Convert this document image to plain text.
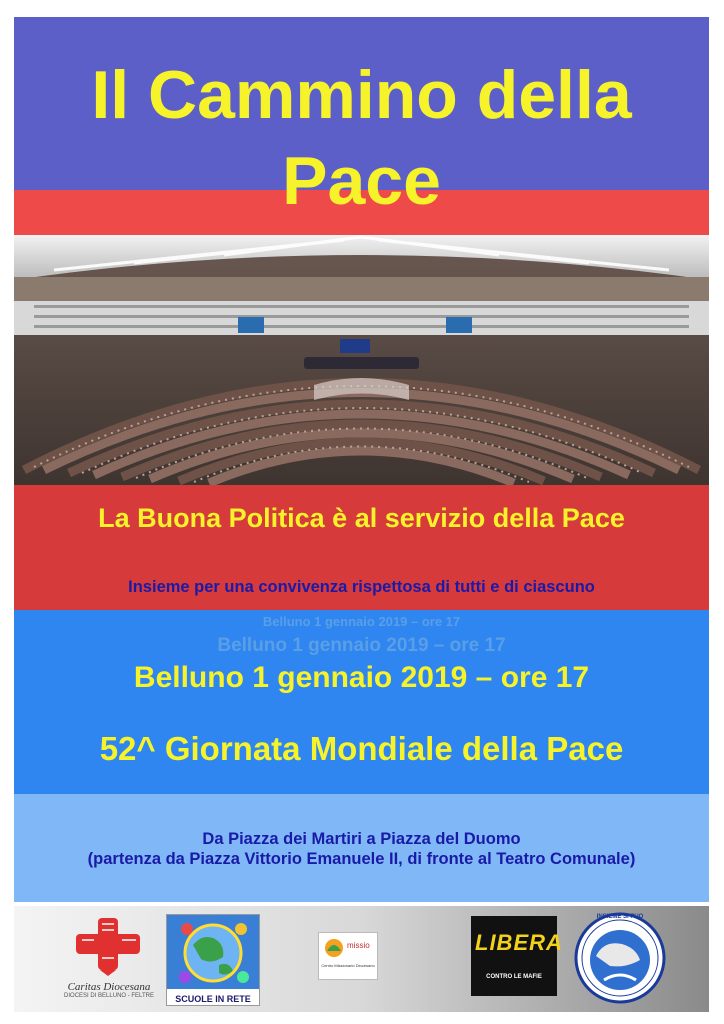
Il Cammino della Pace
La Buona Politica è al servizio della Pace
Insieme per una convivenza rispettosa di tutti e di ciascuno
Belluno 1 gennaio 2019 – ore 17
Belluno 1 gennaio 2019 – ore 17
Belluno 1 gennaio 2019 – ore 17
52^ Giornata Mondiale della Pace
Da Piazza dei Martiri a Piazza del Duomo
(partenza da Piazza Vittorio Emanuele II, di fronte al Teatro Comunale)
Caritas Diocesana
DIOCESI DI BELLUNO - FELTRE	SCUOLE IN RETE
missio
Centro Missionario Diocesano
LIBERA
CONTRO LE MAFIE
INSIEME SI PUO
